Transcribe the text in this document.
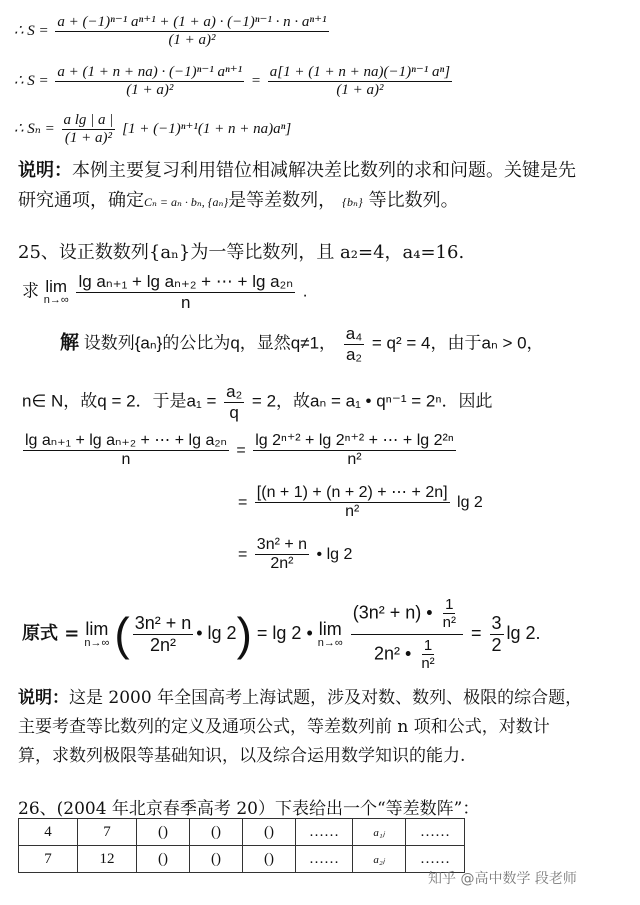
∴ $S = \frac{\text{a + (−1)ⁿ⁻¹ aⁿ⁺¹ + (1 + a) · (−1)ⁿ⁻¹ · n · aⁿ⁺¹}}{\text{(1 + a)²}}$
∴ $S = \frac{\text{a + (1 + n + na) · (−1)ⁿ⁻¹ aⁿ⁺¹}}{\text{(1 + a)²}} = \frac{\text{a[1 + (1 + n + na)(−1)ⁿ⁻¹ aⁿ]}}{\text{(1 + a)²}}$
∴ $S_n = \frac{\text{a lg | a |}}{\text{(1 + a)²}} [1 + (-1)^{n+1}(1 + n + na)a^n]$
说明：本例主要复习利用错位相减解决差比数列的求和问题。关键是先
研究通项，确定Cₙ = aₙ · bₙ, {aₙ}是等差数列， {bₙ} 等比数列。
25、设正数数列{aₙ}为一等比数列，且 a₂=4，a₄=16.
求 lim
n→∞
$\frac{\text{lg aₙ₊₁ + lg aₙ₊₂ + ⋯ + lg a₂ₙ}}{n}$ .
解 设数列{aₙ}的公比为q，显然q≠1， $\frac{\text{a₄}}{\text{a₂}} = q^2 = 4$，由于aₙ > 0，
n∈ N，故q = 2．于是$a_1 = \frac{\text{a₂}}{q} = 2$，故aₙ = a₁ • qⁿ⁻¹ = 2ⁿ．因此
$\frac{\text{lg aₙ₊₁ + lg aₙ₊₂ + ⋯ + lg a₂ₙ}}{n} = \frac{\text{lg 2ⁿ⁺² + lg 2ⁿ⁺² + ⋯ + lg 2²ⁿ}}{\text{n²}}$
= $\frac{[(n + 1) + (n + 2) + \cdots + 2n]}{\text{n²}}$ lg 2
= $\frac{\text{3n² + n}}{\text{2n²}}$ • lg 2
原式 = lim
n→∞ ( $\frac{\text{3n² + n}}{\text{2n²}}$ • lg 2) = lg 2 • lim
n→∞
$\frac{(3n^2 + n) • \frac{1}{\text{n²}}}{2n^2 • \frac{1}{\text{n²}}} = \frac{3}{2}$ lg 2.
说明：这是 2000 年全国高考上海试题，涉及对数、数列、极限的综合题，
主要考查等比数列的定义及通项公式，等差数列前 n 项和公式，对数计
算，求数列极限等基础知识，以及综合运用数学知识的能力.
26、(2004 年北京春季高考 20）下表给出一个“等差数阵”：
4	7	()	()	()	……	a₁ⱼ	……
7	12	()	()	()	……	a₂ⱼ	……
知乎 @高中数学 段老师
